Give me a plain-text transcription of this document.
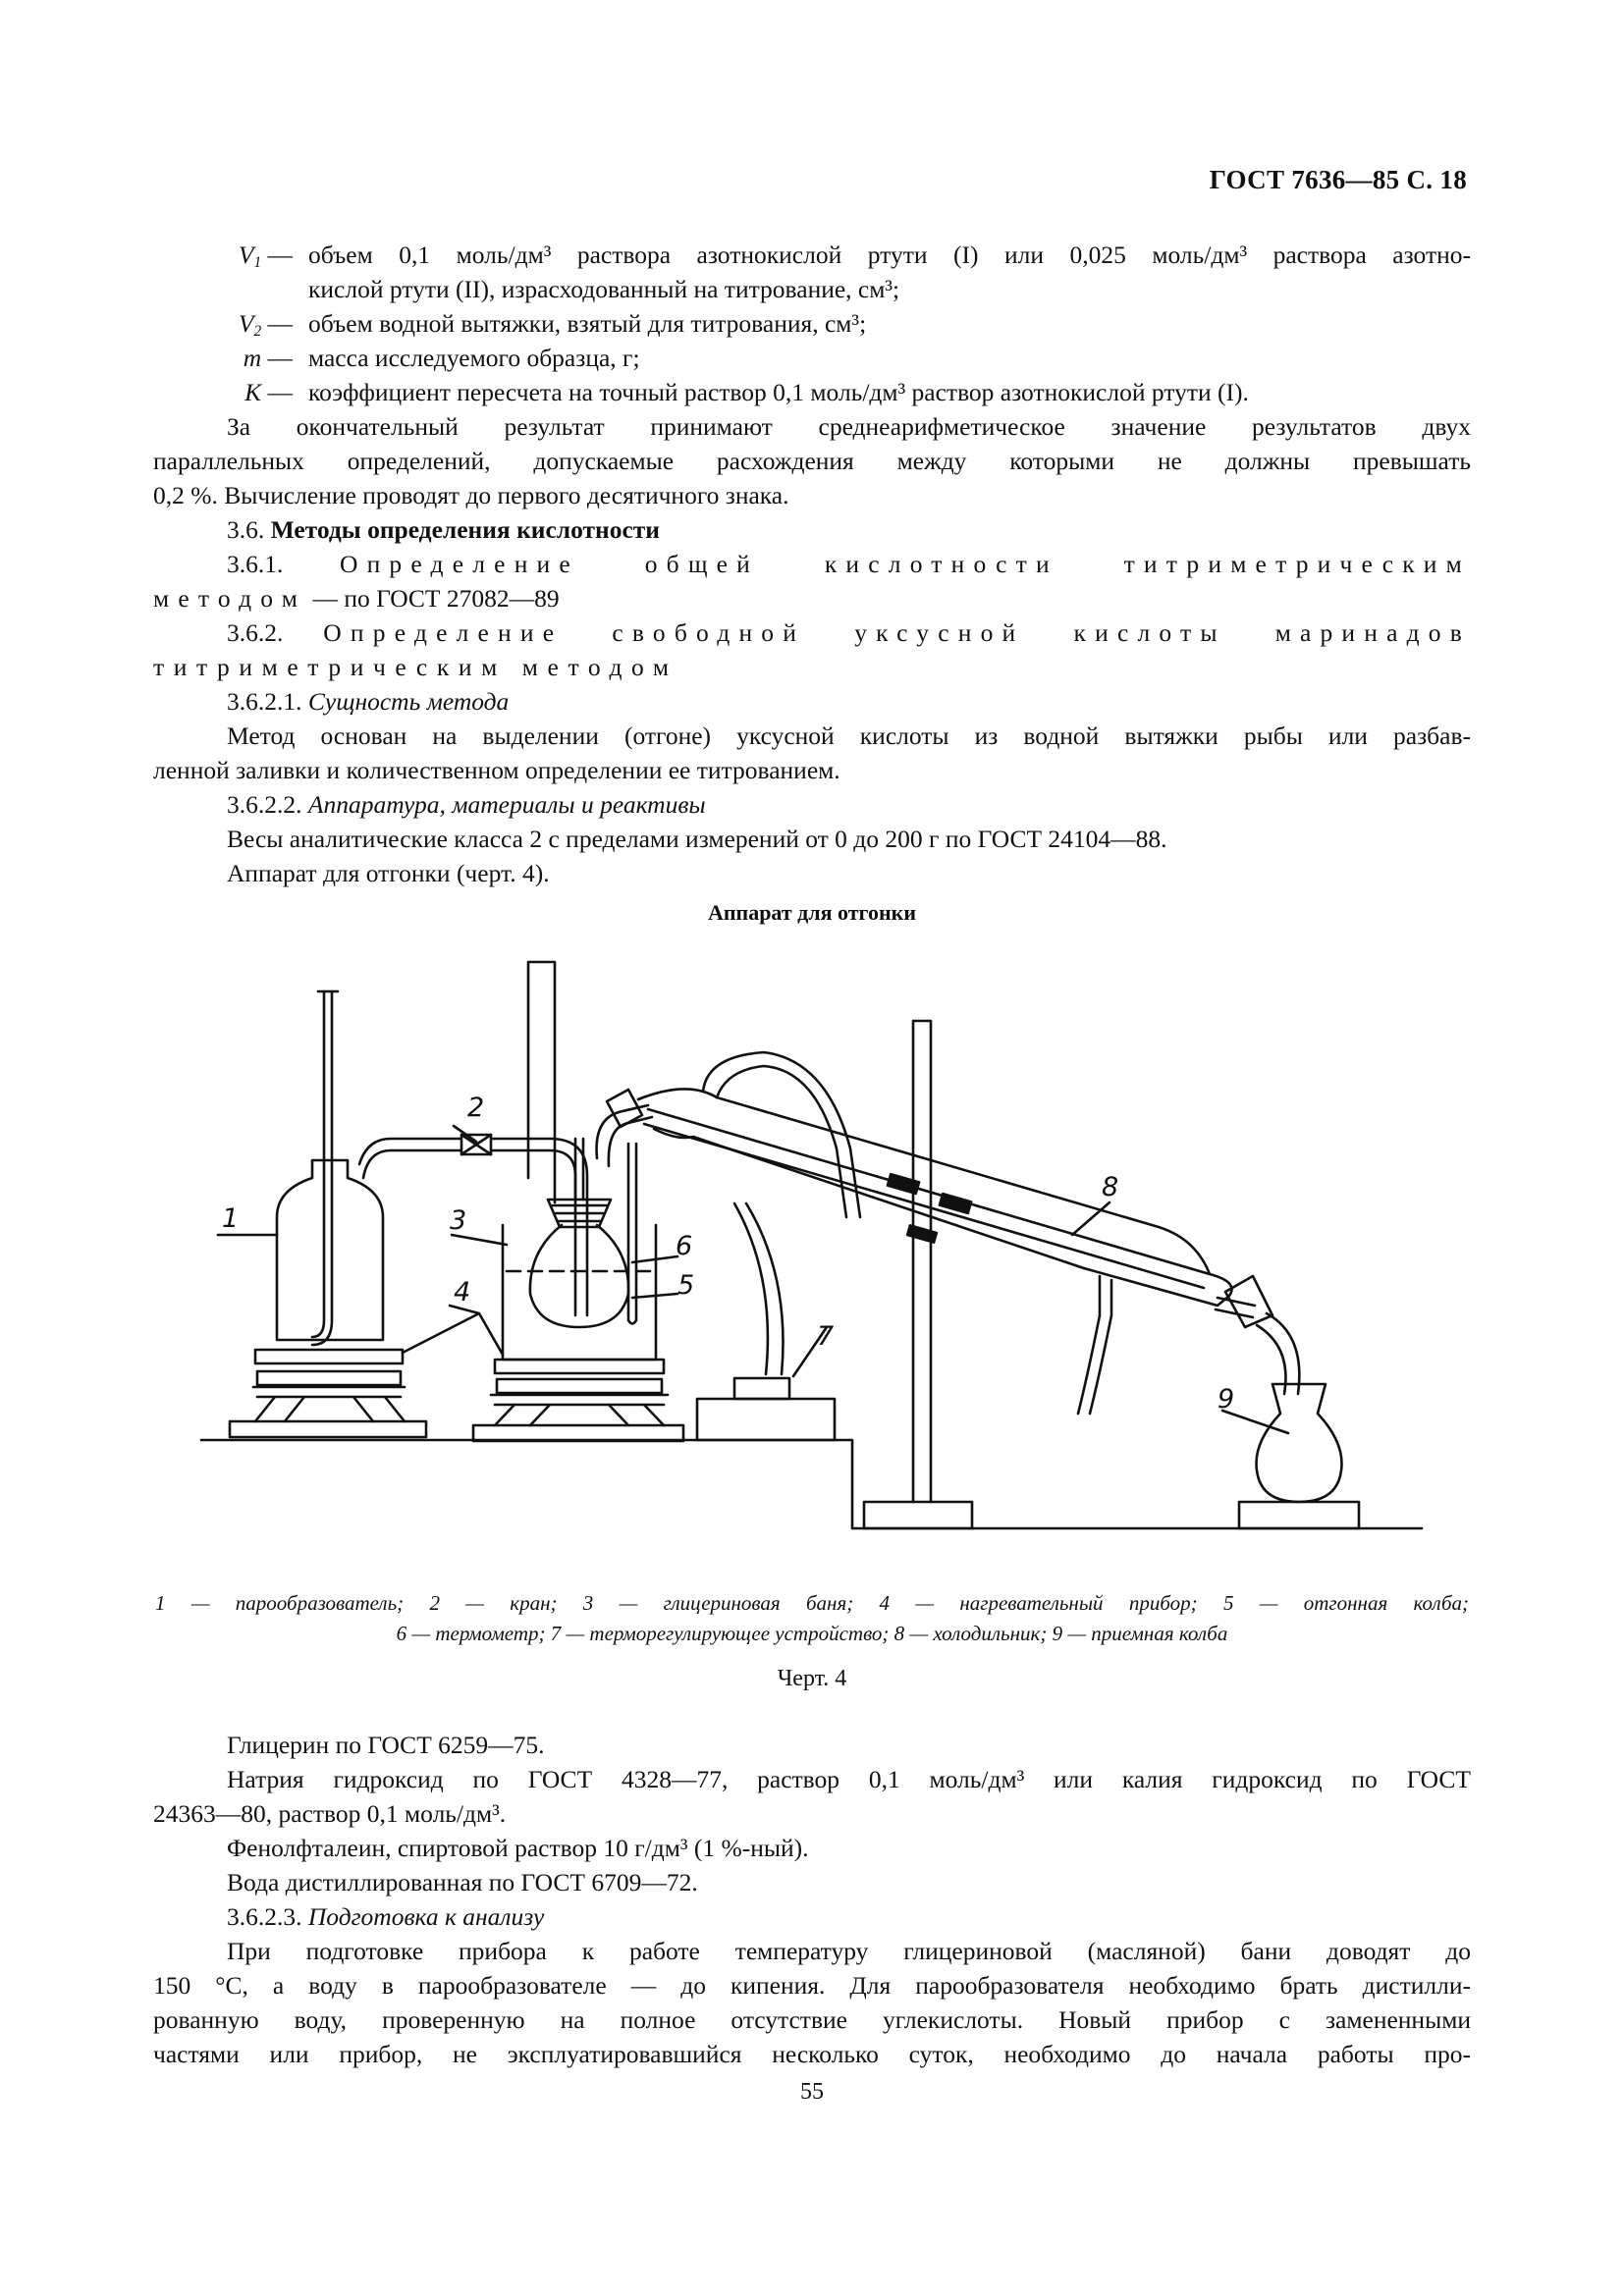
ГОСТ 7636—85 С. 18
$V_1$ — объем 0,1 моль/дм³ раствора азотнокислой ртути (I) или 0,025 моль/дм³ раствора азотно-
кислой ртути (II), израсходованный на титрование, см³;
$V_2$ — объем водной вытяжки, взятый для титрования, см³;
m — масса исследуемого образца, г;
K — коэффициент пересчета на точный раствор 0,1 моль/дм³ раствор азотнокислой ртути (I).
За окончательный результат принимают среднеарифметическое значение результатов двух
параллельных определений, допускаемые расхождения между которыми не должны превышать
0,2 %. Вычисление проводят до первого десятичного знака.
3.6. Методы определения кислотности
3.6.1. Определение общей кислотности титриметрическим
методом — по ГОСТ 27082—89
3.6.2. Определение свободной уксусной кислоты маринадов
титриметрическим методом
3.6.2.1. Сущность метода
Метод основан на выделении (отгоне) уксусной кислоты из водной вытяжки рыбы или разбав-
ленной заливки и количественном определении ее титрованием.
3.6.2.2. Аппаратура, материалы и реактивы
Весы аналитические класса 2 с пределами измерений от 0 до 200 г по ГОСТ 24104—88.
Аппарат для отгонки (черт. 4).
Аппарат для отгонки
1
2
3
4	5
6
7
8
9
1 — парообразователь; 2 — кран; 3 — глицериновая баня; 4 — нагревательный прибор; 5 — отгонная колба;
6 — термометр; 7 — терморегулирующее устройство; 8 — холодильник; 9 — приемная колба
Черт. 4
Глицерин по ГОСТ 6259—75.
Натрия гидроксид по ГОСТ 4328—77, раствор 0,1 моль/дм³ или калия гидроксид по ГОСТ
24363—80, раствор 0,1 моль/дм³.
Фенолфталеин, спиртовой раствор 10 г/дм³ (1 %-ный).
Вода дистиллированная по ГОСТ 6709—72.
3.6.2.3. Подготовка к анализу
При подготовке прибора к работе температуру глицериновой (масляной) бани доводят до
150 °С, а воду в парообразователе — до кипения. Для парообразователя необходимо брать дистилли-
рованную воду, проверенную на полное отсутствие углекислоты. Новый прибор с замененными
частями или прибор, не эксплуатировавшийся несколько суток, необходимо до начала работы про-
55
